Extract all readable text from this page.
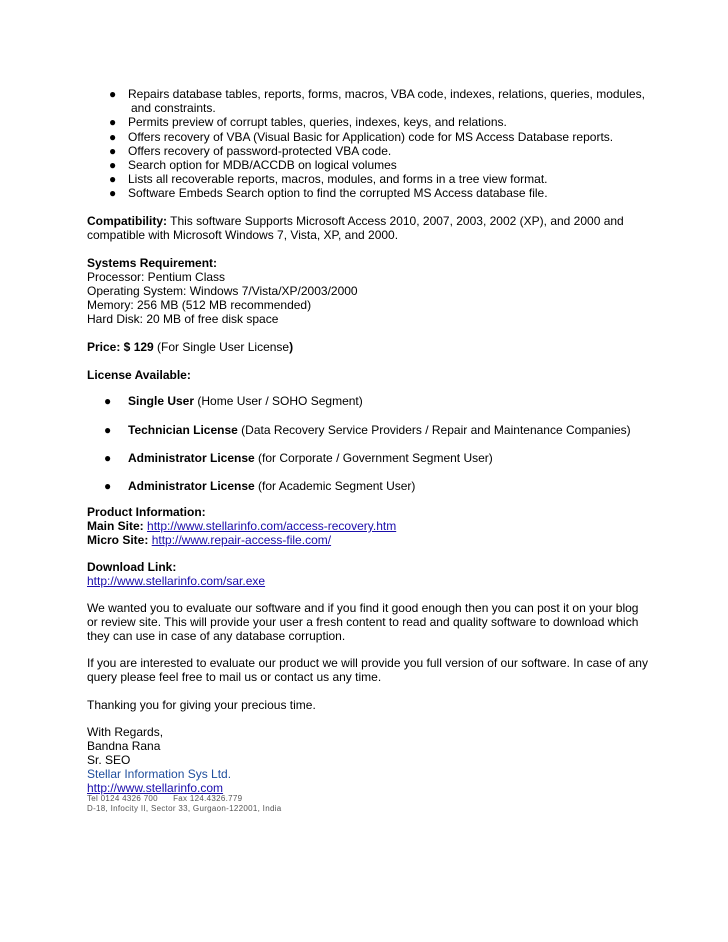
● Repairs database tables, reports, forms, macros, VBA code, indexes, relations, queries, modules,
and constraints.
● Permits preview of corrupt tables, queries, indexes, keys, and relations.
● Offers recovery of VBA (Visual Basic for Application) code for MS Access Database reports.
● Offers recovery of password-protected VBA code.
● Search option for MDB/ACCDB on logical volumes
● Lists all recoverable reports, macros, modules, and forms in a tree view format.
● Software Embeds Search option to find the corrupted MS Access database file.
Compatibility: This software Supports Microsoft Access 2010, 2007, 2003, 2002 (XP), and 2000 and
compatible with Microsoft Windows 7, Vista, XP, and 2000.
Systems Requirement:
Processor: Pentium Class
Operating System: Windows 7/Vista/XP/2003/2000
Memory: 256 MB (512 MB recommended)
Hard Disk: 20 MB of free disk space
Price: $ 129 (For Single User License)
License Available:
● Single User (Home User / SOHO Segment)
● Technician License (Data Recovery Service Providers / Repair and Maintenance Companies)
● Administrator License (for Corporate / Government Segment User)
● Administrator License (for Academic Segment User)
Product Information:
Main Site: http://www.stellarinfo.com/access-recovery.htm
Micro Site: http://www.repair-access-file.com/
Download Link:
http://www.stellarinfo.com/sar.exe
We wanted you to evaluate our software and if you find it good enough then you can post it on your blog
or review site. This will provide your user a fresh content to read and quality software to download which
they can use in case of any database corruption.
If you are interested to evaluate our product we will provide you full version of our software. In case of any
query please feel free to mail us or contact us any time.
Thanking you for giving your precious time.
With Regards,
Bandna Rana
Sr. SEO
Stellar Information Sys Ltd.
http://www.stellarinfo.com
Tel 0124 4326 700      Fax 124.4326.779
D-18, Infocity II, Sector 33, Gurgaon-122001, India
